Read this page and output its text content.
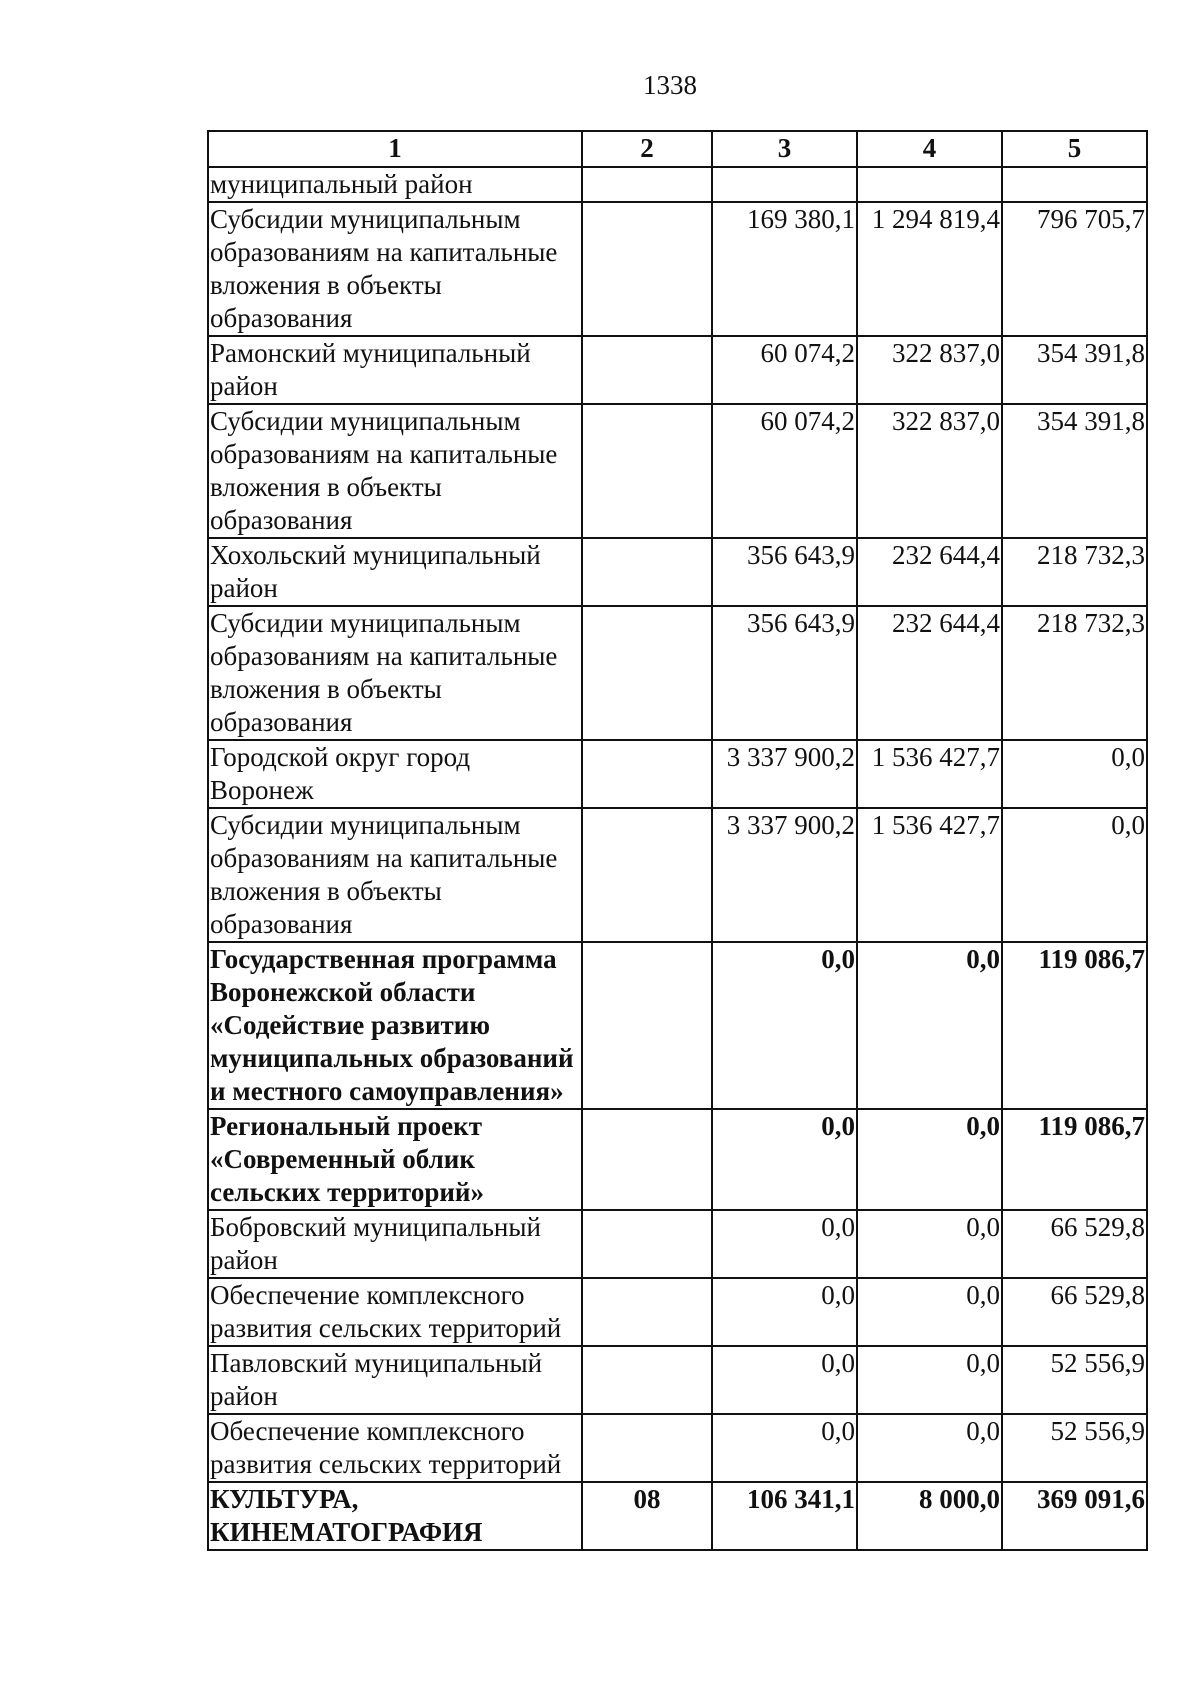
1338
1	2	3	4	5
муниципальный район				
Субсидии муниципальным образованиям на капитальные вложения в объекты образования		169 380,1	1 294 819,4	796 705,7
Рамонский муниципальный район		60 074,2	322 837,0	354 391,8
Субсидии муниципальным образованиям на капитальные вложения в объекты образования		60 074,2	322 837,0	354 391,8
Хохольский муниципальный район		356 643,9	232 644,4	218 732,3
Субсидии муниципальным образованиям на капитальные вложения в объекты образования		356 643,9	232 644,4	218 732,3
Городской округ город Воронеж		3 337 900,2	1 536 427,7	0,0
Субсидии муниципальным образованиям на капитальные вложения в объекты образования		3 337 900,2	1 536 427,7	0,0
Государственная программа Воронежской области «Содействие развитию муниципальных образований и местного самоуправления»		0,0	0,0	119 086,7
Региональный проект «Современный облик сельских территорий»		0,0	0,0	119 086,7
Бобровский муниципальный район		0,0	0,0	66 529,8
Обеспечение комплексного развития сельских территорий		0,0	0,0	66 529,8
Павловский муниципальный район		0,0	0,0	52 556,9
Обеспечение комплексного развития сельских территорий		0,0	0,0	52 556,9
КУЛЬТУРА, КИНЕМАТОГРАФИЯ	08	106 341,1	8 000,0	369 091,6
